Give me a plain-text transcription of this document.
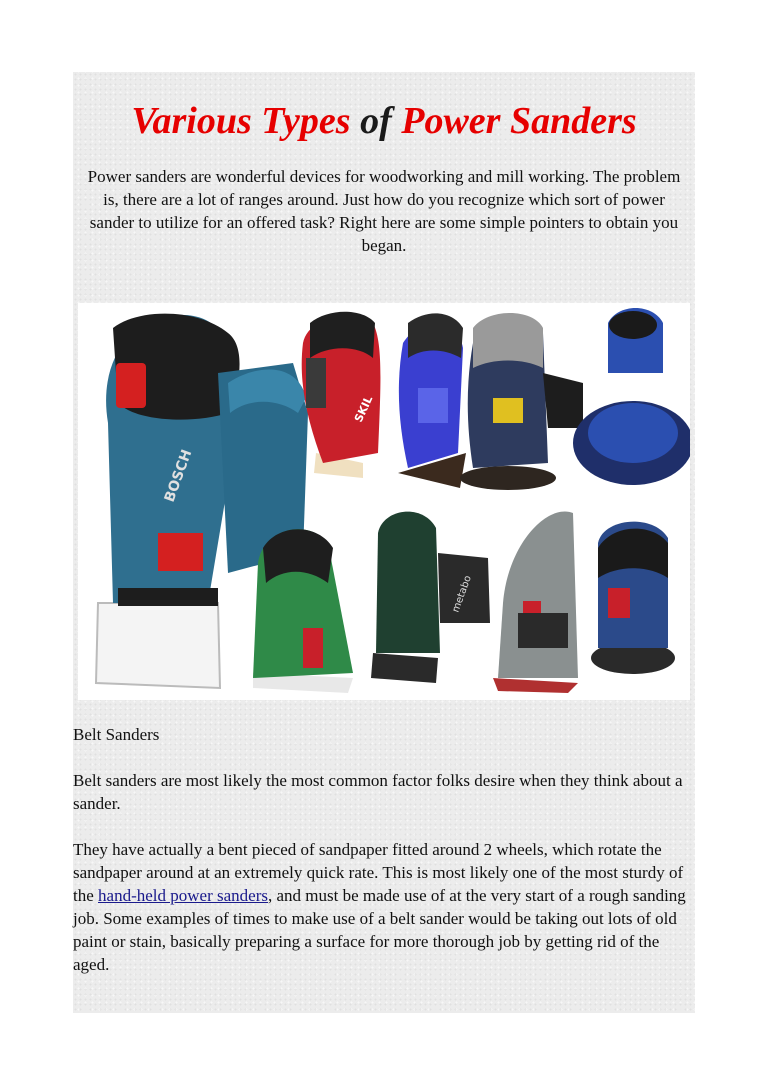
Various Types of Power Sanders

Power sanders are wonderful devices for woodworking and mill working. The problem is, there are a lot of ranges around. Just how do you recognize which sort of power sander to utilize for an offered task? Right here are some simple pointers to obtain you began.

BOSCH
SKIL
metabo

Belt Sanders

Belt sanders are most likely the most common factor folks desire when they think about a sander.

They have actually a bent pieced of sandpaper fitted around 2 wheels, which rotate the sandpaper around at an extremely quick rate. This is most likely one of the most sturdy of the hand-held power sanders, and must be made use of at the very start of a rough sanding job. Some examples of times to make use of a belt sander would be taking out lots of old paint or stain, basically preparing a surface for more thorough job by getting rid of the aged.
